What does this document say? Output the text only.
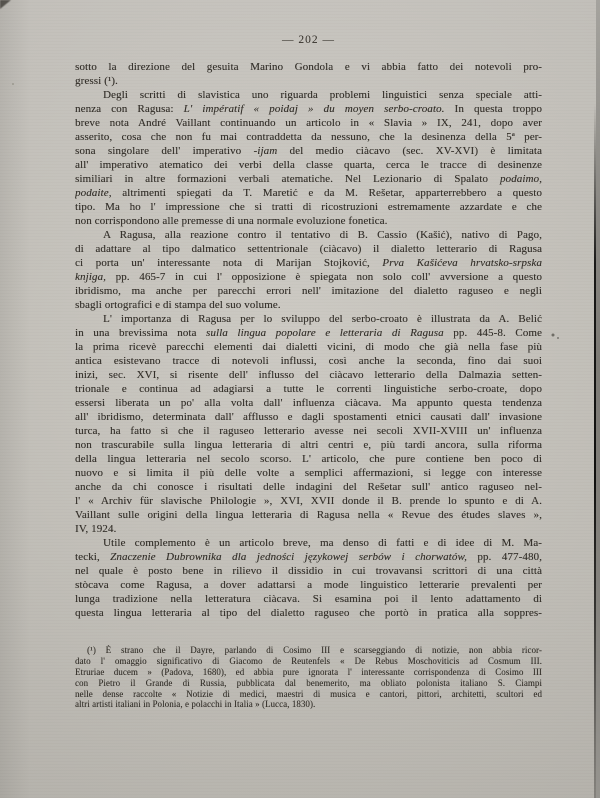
— 202 —
sotto la direzione del gesuita Marino Gondola e vi abbia fatto dei notevoli pro-
gressi (¹).
Degli scritti di slavistica uno riguarda problemi linguistici senza speciale atti-
nenza con Ragusa: L' impératif « poidaj » du moyen serbo-croato. In questa troppo
breve nota André Vaillant continuando un articolo in « Slavia » IX, 241, dopo aver
asserito, cosa che non fu mai contraddetta da nessuno, che la desinenza della 5ª per-
sona singolare dell' imperativo -ijam del medio ciàcavo (sec. XV-XVI) è limitata
all' imperativo atematico dei verbi della classe quarta, cerca le tracce di desinenze
similiari in altre formazioni verbali atematiche. Nel Lezionario di Spalato podaimo,
podaite, altrimenti spiegati da T. Maretić e da M. Rešetar, apparterrebbero a questo
tipo. Ma ho l' impressione che si tratti di ricostruzioni estremamente azzardate e che
non corrispondono alle premesse di una normale evoluzione fonetica.
A Ragusa, alla reazione contro il tentativo di B. Cassio (Kašić), nativo di Pago,
di adattare al tipo dalmatico settentrionale (ciàcavo) il dialetto letterario di Ragusa
ci porta un' interessante nota di Marijan Stojković, Prva Kašićeva hrvatsko-srpska
knjiga, pp. 465-7 in cui l' opposizione è spiegata non solo coll' avversione a questo
ibridismo, ma anche per parecchi errori nell' imitazione del dialetto raguseo e negli
sbagli ortografici e di stampa del suo volume.
L' importanza di Ragusa per lo sviluppo del serbo-croato è illustrata da A. Belić
in una brevissima nota sulla lingua popolare e letteraria di Ragusa pp. 445-8. Come
la prima ricevè parecchi elementi dai dialetti vicini, di modo che già nella fase più
antica esistevano tracce di notevoli influssi, così anche la seconda, fino dai suoi
inizi, sec. XVI, si risente dell' influsso del ciàcavo letterario della Dalmazia setten-
trionale e continua ad adagiarsi a tutte le correnti linguistiche serbo-croate, dopo
essersi liberata un po' alla volta dall' influenza ciàcava. Ma appunto questa tendenza
all' ibridismo, determinata dall' afflusso e dagli spostamenti etnici causati dall' invasione
turca, ha fatto sì che il raguseo letterario avesse nei secoli XVII-XVIII un' influenza
non trascurabile sulla lingua letteraria di altri centri e, più tardi ancora, sulla riforma
della lingua letteraria nel secolo scorso. L' articolo, che pure contiene ben poco di
nuovo e si limita il più delle volte a semplici affermazioni, si legge con interesse
anche da chi conosce i risultati delle indagini del Rešetar sull' antico raguseo nel-
l' « Archiv für slavische Philologie », XVI, XVII donde il B. prende lo spunto e di A.
Vaillant sulle origini della lingua letteraria di Ragusa nella « Revue des études slaves »,
IV, 1924.
Utile complemento è un articolo breve, ma denso di fatti e di idee di M. Ma-
tecki, Znaczenie Dubrownika dla jedności językowej serbów i chorwatów, pp. 477-480,
nel quale è posto bene in rilievo il dissidio in cui trovavansi scrittori di una città
stòcava come Ragusa, a dover adattarsi a mode linguistico letterarie prevalenti per
lunga tradizione nella letteratura ciàcava. Si esamina poi il lento adattamento di
questa lingua letteraria al tipo del dialetto raguseo che portò in pratica alla soppres-
(¹) È strano che il Dayre, parlando di Cosimo III e scarseggiando di notizie, non abbia ricor-
dato l' omaggio significativo di Giacomo de Reutenfels « De Rebus Moschoviticis ad Cosmum III.
Etruriae ducem » (Padova, 1680), ed abbia pure ignorata l' interessante corrispondenza di Cosimo III
con Pietro il Grande di Russia, pubblicata dal benemerito, ma obliato polonista italiano S. Ciampi
nelle dense raccolte « Notizie di medici, maestri di musica e cantori, pittori, architetti, scultori ed
altri artisti italiani in Polonia, e polacchi in Italia » (Lucca, 1830).
